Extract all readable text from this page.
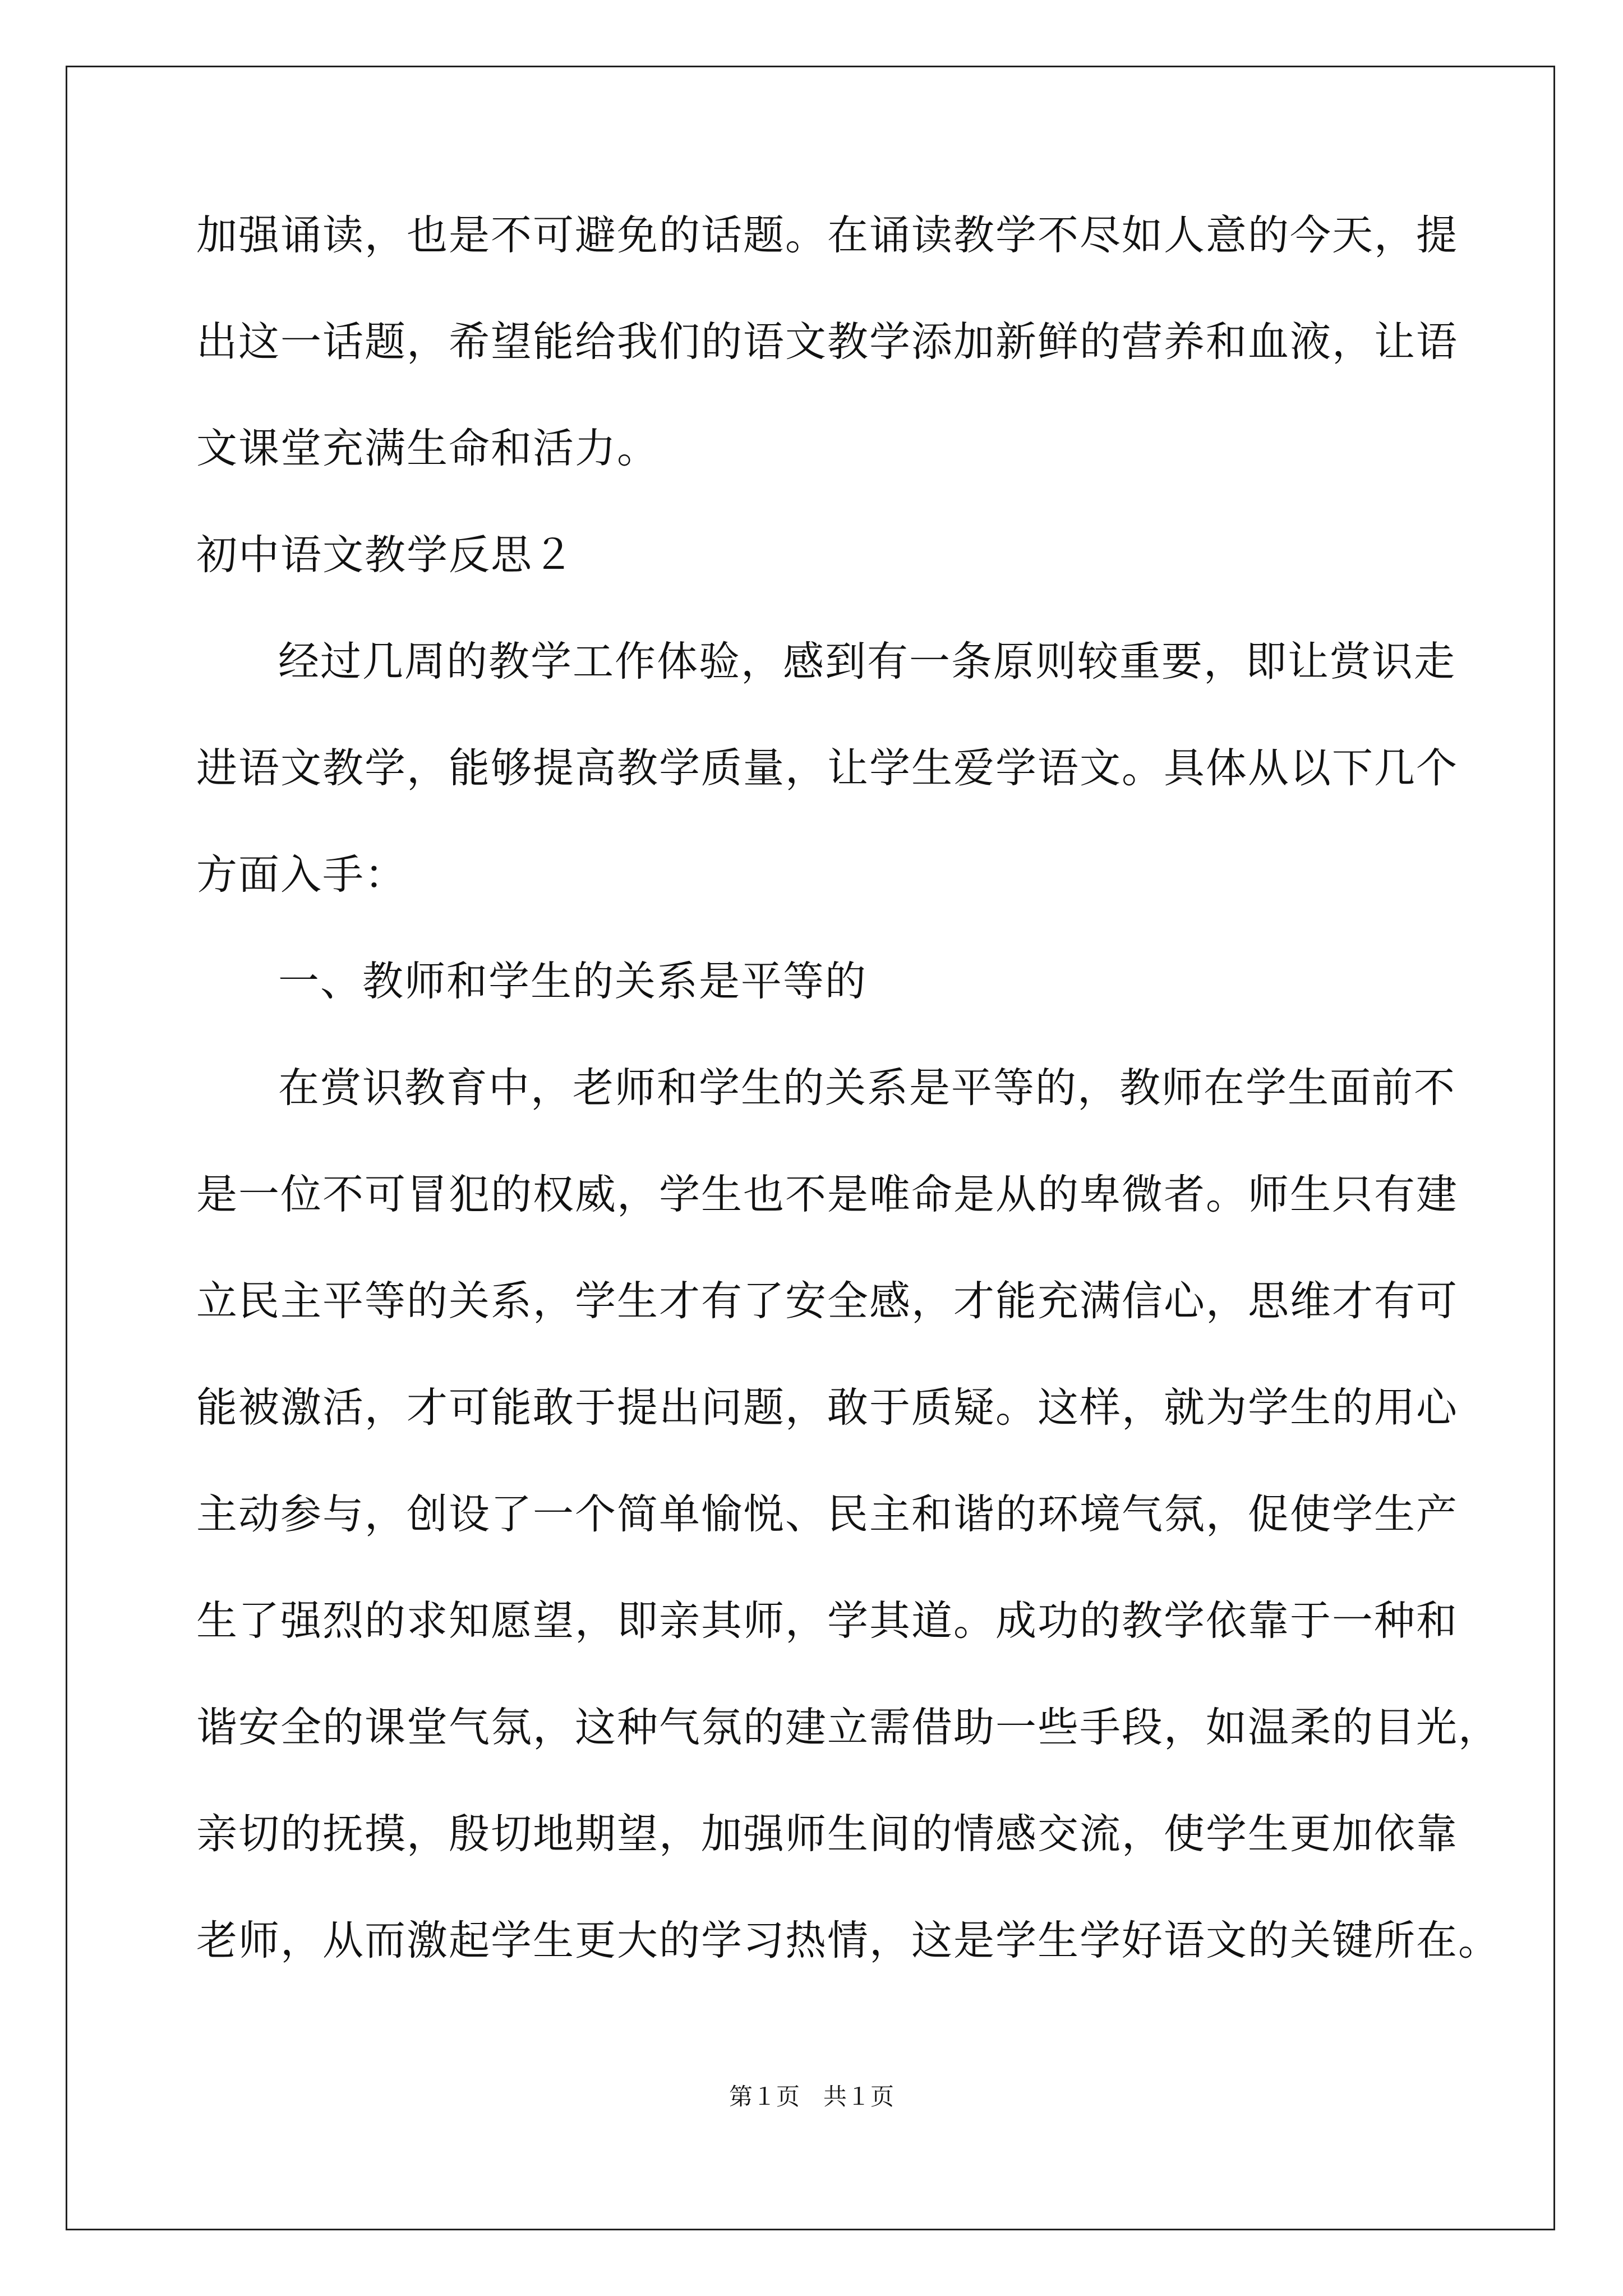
加强诵读，也是不可避免的话题。在诵读教学不尽如人意的今天，提
出这一话题，希望能给我们的语文教学添加新鲜的营养和血液，让语
文课堂充满生命和活力。
初中语文教学反思２
经过几周的教学工作体验，感到有一条原则较重要，即让赏识走
进语文教学，能够提高教学质量，让学生爱学语文。具体从以下几个
方面入手：
一、教师和学生的关系是平等的
在赏识教育中，老师和学生的关系是平等的，教师在学生面前不
是一位不可冒犯的权威，学生也不是唯命是从的卑微者。师生只有建
立民主平等的关系，学生才有了安全感，才能充满信心，思维才有可
能被激活，才可能敢于提出问题，敢于质疑。这样，就为学生的用心
主动参与，创设了一个简单愉悦、民主和谐的环境气氛，促使学生产
生了强烈的求知愿望，即亲其师，学其道。成功的教学依靠于一种和
谐安全的课堂气氛，这种气氛的建立需借助一些手段，如温柔的目光，
亲切的抚摸，殷切地期望，加强师生间的情感交流，使学生更加依靠
老师，从而激起学生更大的学习热情，这是学生学好语文的关键所在。
第１页　共１页
